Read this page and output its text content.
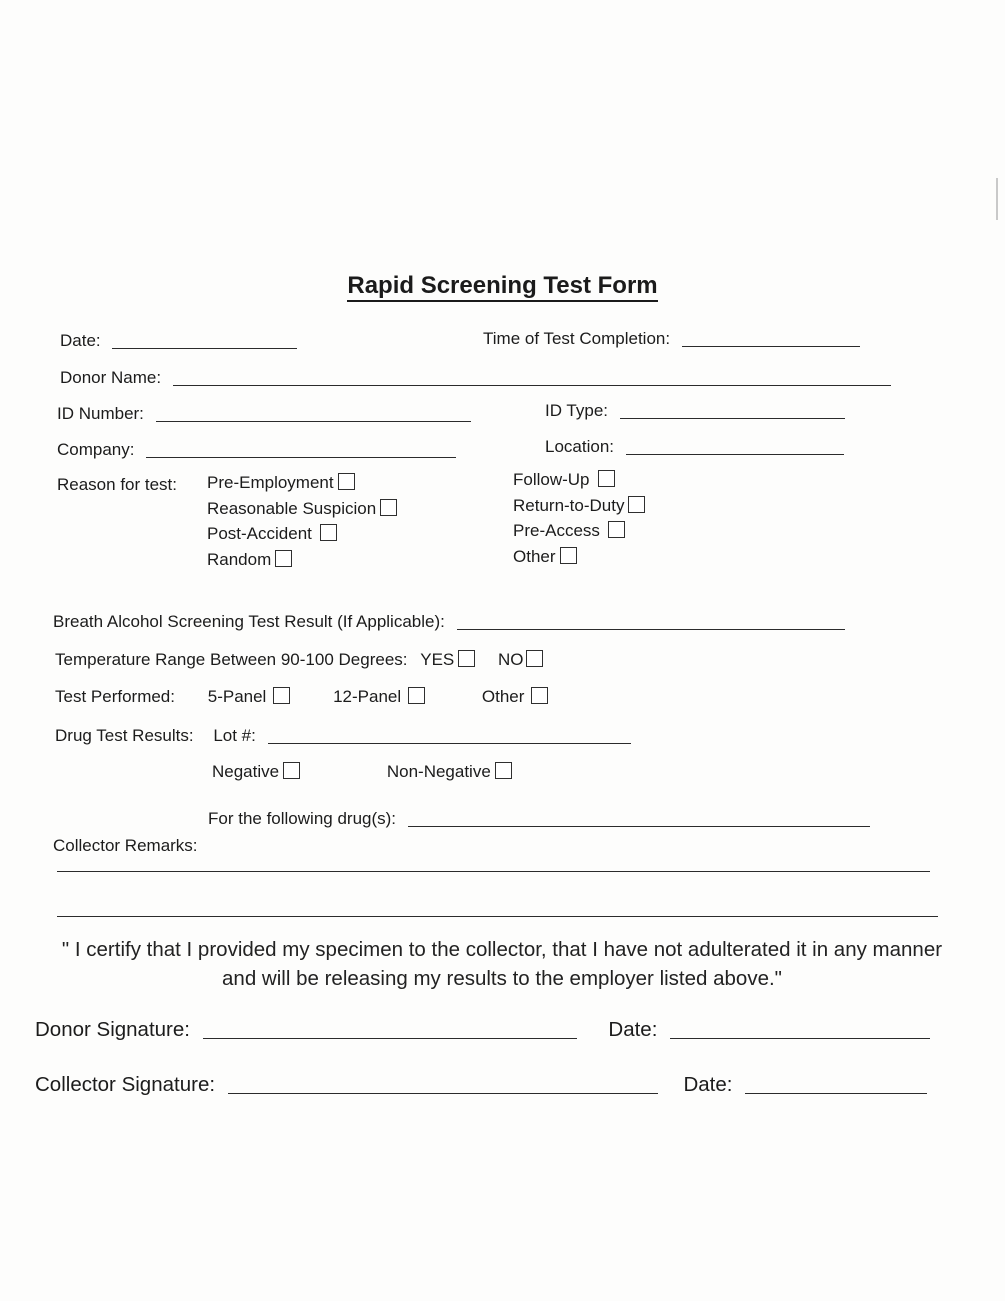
Rapid Screening Test Form
Date:	Time of Test Completion:
Donor Name:
ID Number:	ID Type:
Company:	Location:
Reason for test: Pre-Employment
Reasonable Suspicion
Post-Accident
Random
Follow-Up
Return-to-Duty
Pre-Access
Other
Breath Alcohol Screening Test Result (If Applicable):
Temperature Range Between 90-100 Degrees: YES	NO
Test Performed: 5-Panel	12-Panel	Other
Drug Test Results: Lot #:
Negative	Non-Negative
For the following drug(s):
Collector Remarks:
" I certify that I provided my specimen to the collector, that I have not adulterated it in any manner and will be releasing my results to the employer listed above."
Donor Signature:	Date:
Collector Signature:	Date:
